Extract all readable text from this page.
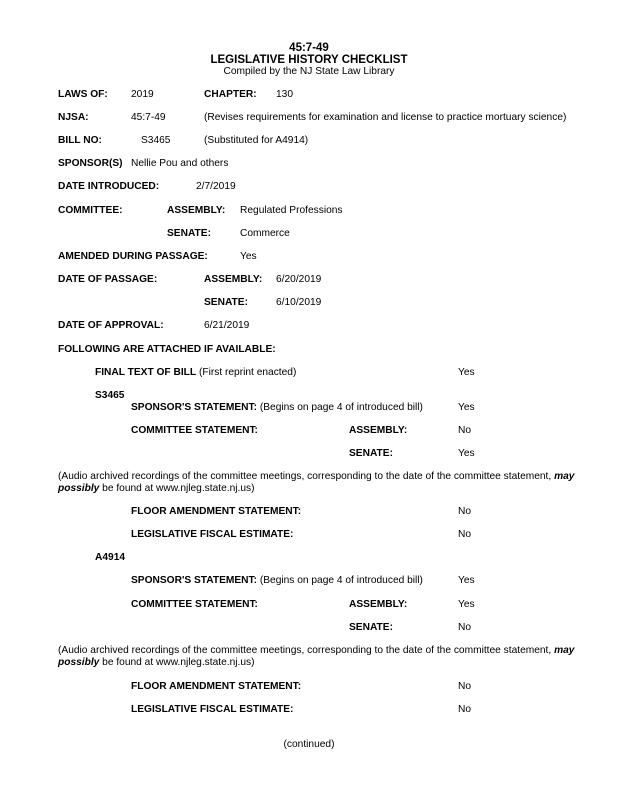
45:7-49
LEGISLATIVE HISTORY CHECKLIST
Compiled by the NJ State Law Library
LAWS OF: 2019	CHAPTER: 130
NJSA:	45:7-49	(Revises requirements for examination and license to practice mortuary science)
BILL NO:	S3465	(Substituted for A4914)
SPONSOR(S) Nellie Pou and others
DATE INTRODUCED:	2/7/2019
COMMITTEE:	ASSEMBLY: Regulated Professions
SENATE:	Commerce
AMENDED DURING PASSAGE:	Yes
DATE OF PASSAGE:	ASSEMBLY: 6/20/2019
SENATE:	6/10/2019
DATE OF APPROVAL:	6/21/2019
FOLLOWING ARE ATTACHED IF AVAILABLE:
FINAL TEXT OF BILL (First reprint enacted)	Yes
S3465
SPONSOR'S STATEMENT: (Begins on page 4 of introduced bill)	Yes
COMMITTEE STATEMENT:	ASSEMBLY:	No
SENATE:	Yes
(Audio archived recordings of the committee meetings, corresponding to the date of the committee statement, may possibly be found at www.njleg.state.nj.us)
FLOOR AMENDMENT STATEMENT:	No
LEGISLATIVE FISCAL ESTIMATE:	No
A4914
SPONSOR'S STATEMENT: (Begins on page 4 of introduced bill)	Yes
COMMITTEE STATEMENT:	ASSEMBLY:	Yes
SENATE:	No
(Audio archived recordings of the committee meetings, corresponding to the date of the committee statement, may possibly be found at www.njleg.state.nj.us)
FLOOR AMENDMENT STATEMENT:	No
LEGISLATIVE FISCAL ESTIMATE:	No
(continued)
